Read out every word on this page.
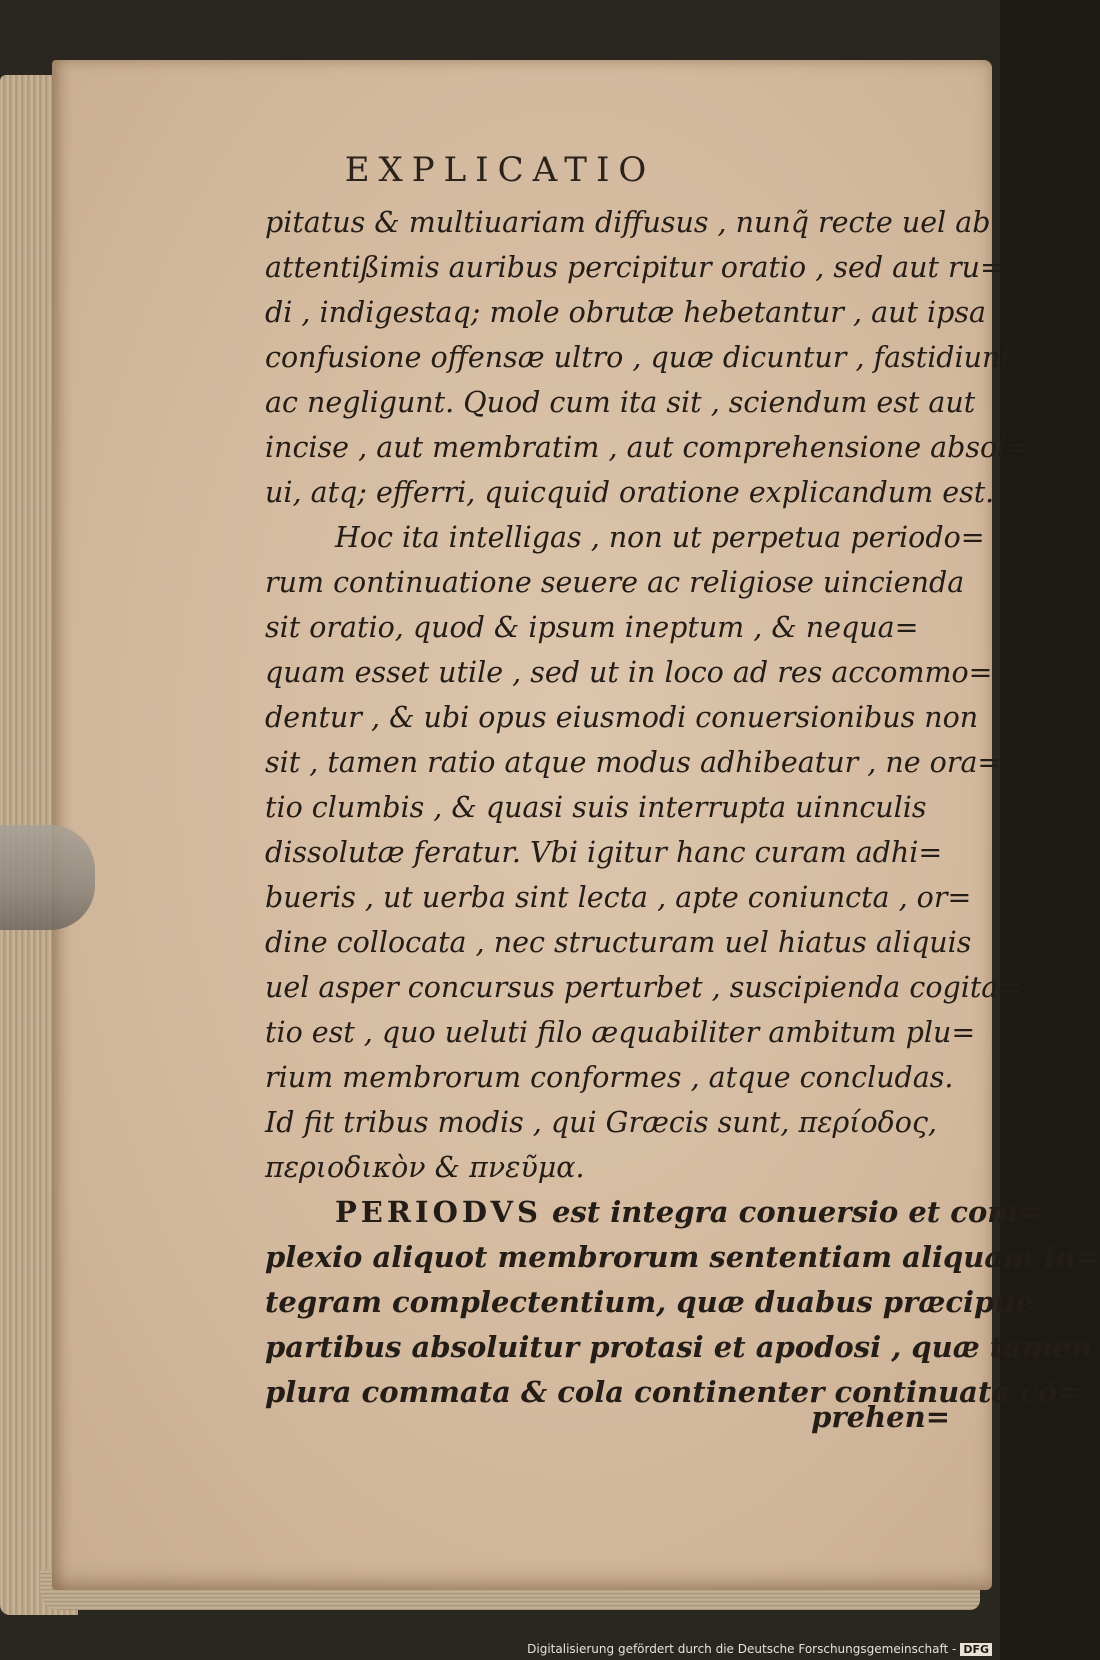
EXPLICATIO
pitatus & multiuariam diffusus , nunq̃ recte uel ab
attentißimis auribus percipitur oratio , sed aut ru=
di , indigestaq; mole obrutæ hebetantur , aut ipsa
confusione offensæ ultro , quæ dicuntur , fastidiunt
ac negligunt. Quod cum ita sit , sciendum est aut
incise , aut membratim , aut comprehensione absol=
ui, atq; efferri, quicquid oratione explicandum est.
Hoc ita intelligas , non ut perpetua periodo=
rum continuatione seuere ac religiose uincienda
sit oratio, quod & ipsum ineptum , & nequa=
quam esset utile , sed ut in loco ad res accommo=
dentur , & ubi opus eiusmodi conuersionibus non
sit , tamen ratio atque modus adhibeatur , ne ora=
tio clumbis , & quasi suis interrupta uinnculis
dissolutæ feratur. Vbi igitur hanc curam adhi=
bueris , ut uerba sint lecta , apte coniuncta , or=
dine collocata , nec structuram uel hiatus aliquis
uel asper concursus perturbet , suscipienda cogita=
tio est , quo ueluti filo æquabiliter ambitum plu=
rium membrorum conformes , atque concludas.
Id fit tribus modis , qui Græcis sunt, περίοδος,
περιοδικὸν & πνεῦμα.
PERIODVS est integra conuersio et com=
plexio aliquot membrorum sententiam aliquam in=
tegram complectentium, quæ duabus præcipue
partibus absoluitur protasi et apodosi , quæ tamen
plura commata & cola continenter continuata cõ=
prehen=
Digitalisierung gefördert durch die Deutsche Forschungsgemeinschaft - DFG
